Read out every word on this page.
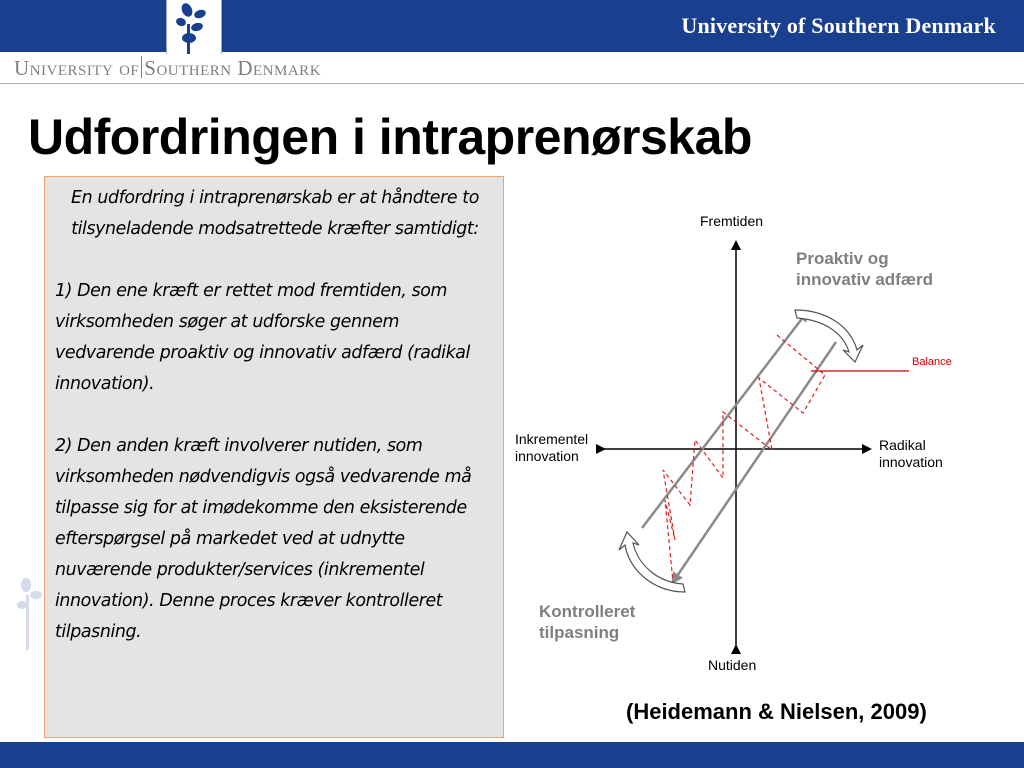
University of Southern Denmark
University of Southern Denmark
Udfordringen i intraprenørskab

En udfordring i intraprenørskab er at håndtere to tilsyneladende modsatrettede kræfter samtidigt:

1) Den ene kræft er rettet mod fremtiden, som virksomheden søger at udforske gennem vedvarende proaktiv og innovativ adfærd (radikal innovation).

2) Den anden kræft involverer nutiden, som virksomheden nødvendigvis også vedvarende må tilpasse sig for at imødekomme den eksisterende efterspørgsel på markedet ved at udnytte nuværende produkter/services (inkrementel innovation). Denne proces kræver kontrolleret tilpasning.

Fremtiden
Nutiden
Inkrementel
innovation
Radikal
innovation
Proaktiv og
innovativ adfærd
Kontrolleret
tilpasning
Balance
(Heidemann & Nielsen, 2009)
